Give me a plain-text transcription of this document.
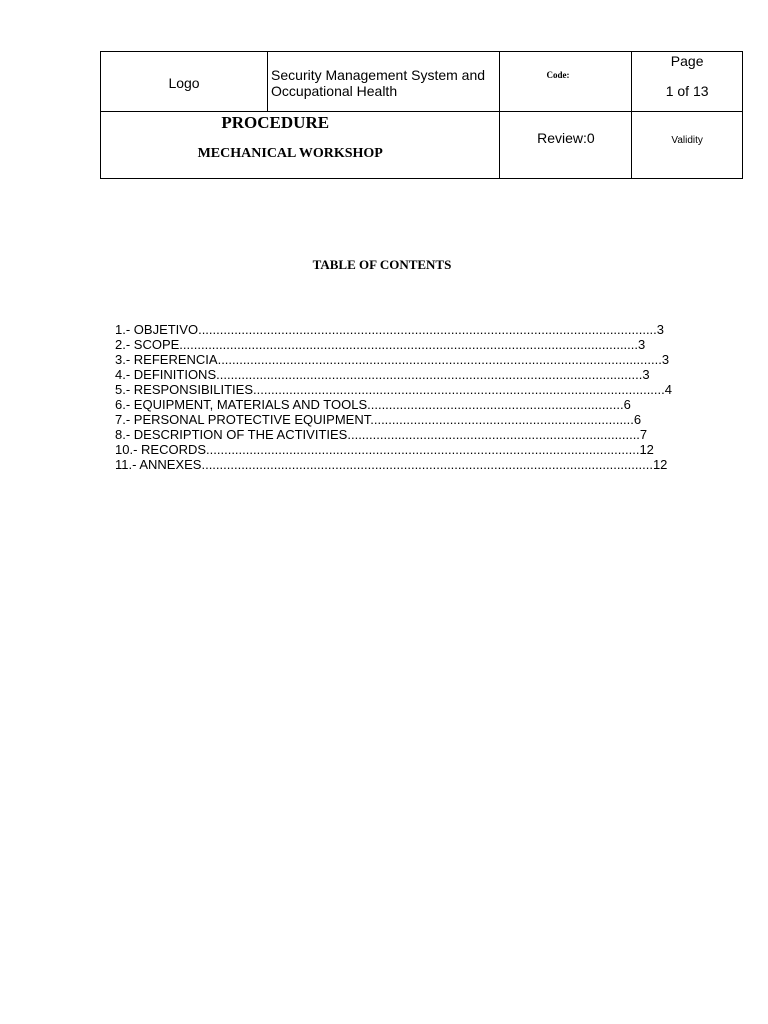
Logo	Security Management System and Occupational Health	Code:	Page
1 of 13

PROCEDURE
MECHANICAL WORKSHOP		Review:0	Validity
TABLE OF CONTENTS
1.- OBJETIVO...............................................................................................................................3
2.- SCOPE...............................................................................................................................3
3.- REFERENCIA...........................................................................................................................3
4.- DEFINITIONS......................................................................................................................3
5.- RESPONSIBILITIES..................................................................................................................4
6.- EQUIPMENT, MATERIALS AND TOOLS.......................................................................6
7.- PERSONAL PROTECTIVE EQUIPMENT.........................................................................6
8.- DESCRIPTION OF THE ACTIVITIES.................................................................................7
10.- RECORDS........................................................................................................................12
11.- ANNEXES.............................................................................................................................12
